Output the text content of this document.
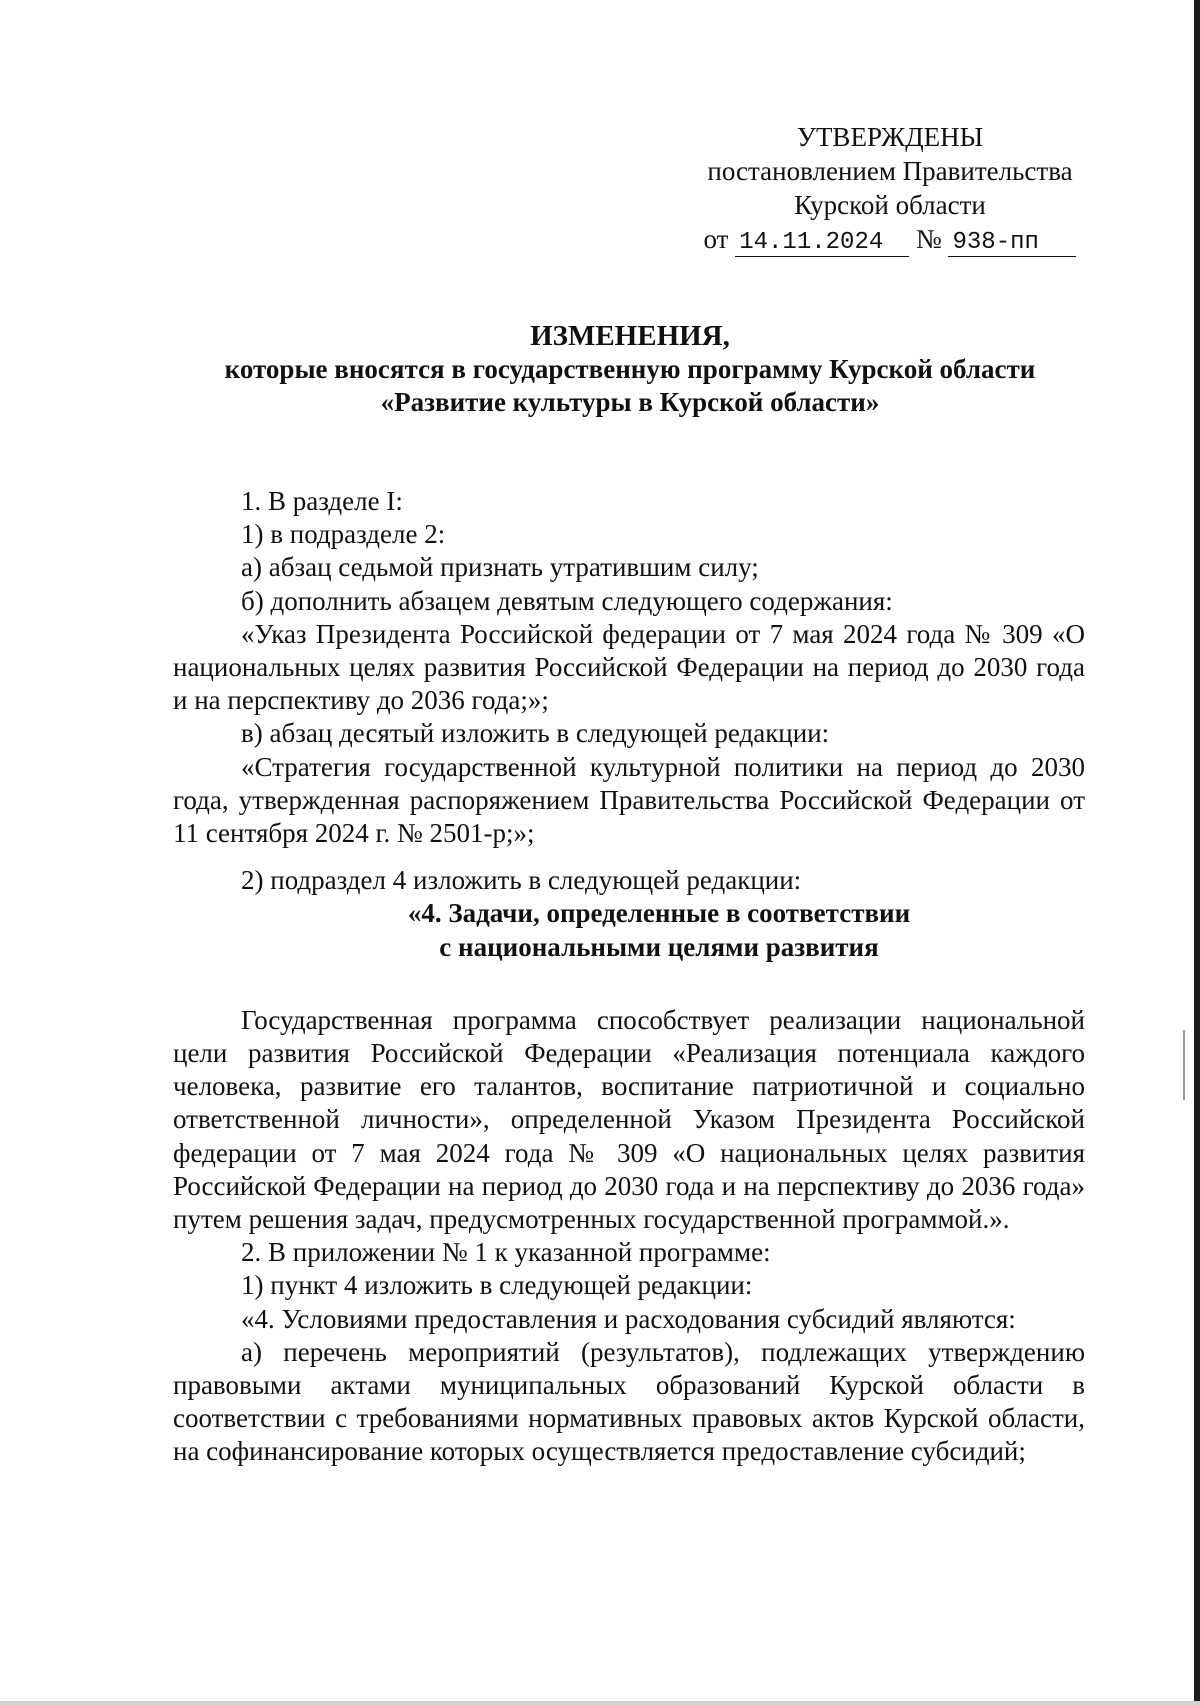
УТВЕРЖДЕНЫ
постановлением Правительства
Курской области
от 14.11.2024 № 938-пп
ИЗМЕНЕНИЯ,
которые вносятся в государственную программу Курской области
«Развитие культуры в Курской области»

1. В разделе I:

1) в подразделе 2:

а) абзац седьмой признать утратившим силу;

б) дополнить абзацем девятым следующего содержания:

«Указ Президента Российской федерации от 7 мая 2024 года № 309 «О национальных целях развития Российской Федерации на период до 2030 года и на перспективу до 2036 года;»;

в) абзац десятый изложить в следующей редакции:

«Стратегия государственной культурной политики на период до 2030 года, утвержденная распоряжением Правительства Российской Федерации от 11 сентября 2024 г. № 2501-р;»;

2) подраздел 4 изложить в следующей редакции:

«4. Задачи, определенные в соответствии

с национальными целями развития

Государственная программа способствует реализации национальной цели развития Российской Федерации «Реализация потенциала каждого человека, развитие его талантов, воспитание патриотичной и социально ответственной личности», определенной Указом Президента Российской федерации от 7 мая 2024 года № 309 «О национальных целях развития Российской Федерации на период до 2030 года и на перспективу до 2036 года» путем решения задач, предусмотренных государственной программой.».

2. В приложении № 1 к указанной программе:

1) пункт 4 изложить в следующей редакции:

«4. Условиями предоставления и расходования субсидий являются:

а) перечень мероприятий (результатов), подлежащих утверждению правовыми актами муниципальных образований Курской области в соответствии с требованиями нормативных правовых актов Курской области, на софинансирование которых осуществляется предоставление субсидий;
